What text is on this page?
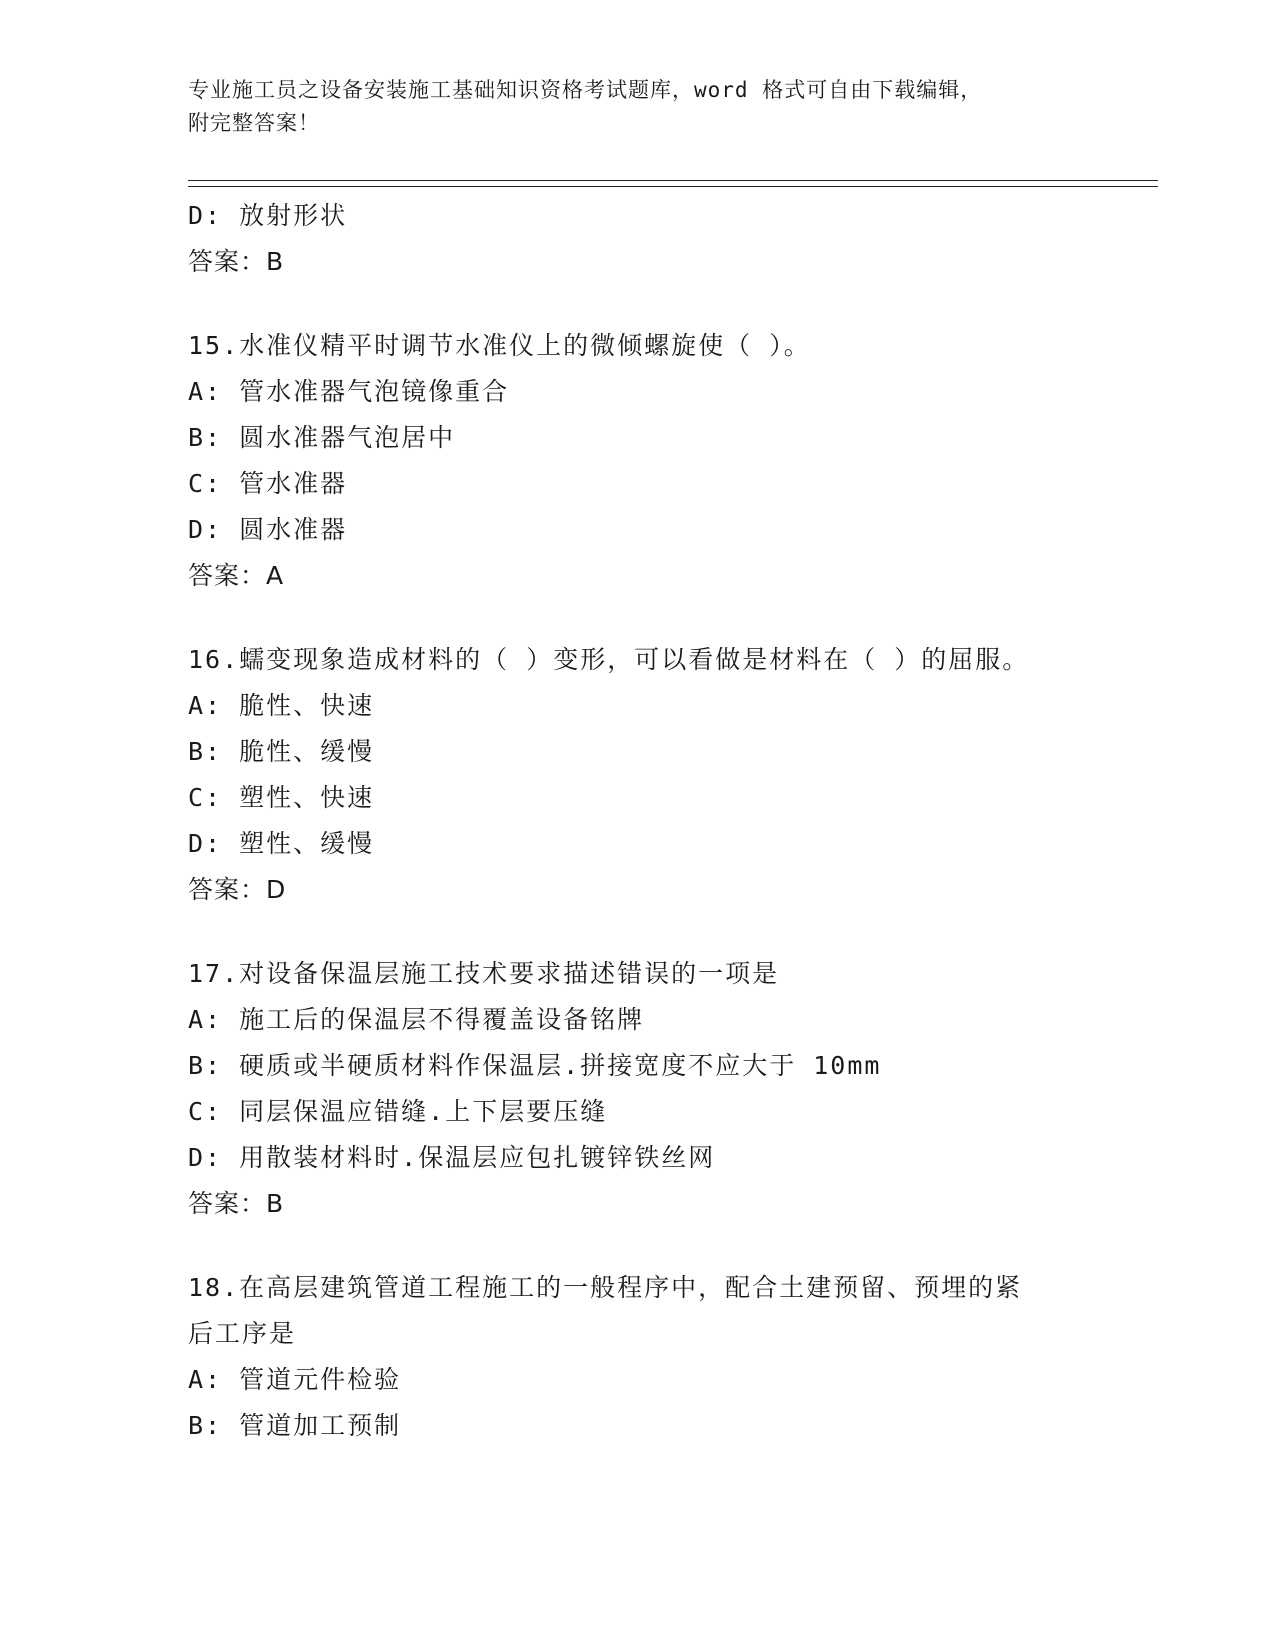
专业施工员之设备安装施工基础知识资格考试题库，word 格式可自由下载编辑，
附完整答案！
D: 放射形状
答案：B
15.水准仪精平时调节水准仪上的微倾螺旋使（ ）。
A: 管水准器气泡镜像重合
B: 圆水准器气泡居中
C: 管水准器
D: 圆水准器
答案：A
16.蠕变现象造成材料的（ ）变形，可以看做是材料在（ ）的屈服。
A: 脆性、快速
B: 脆性、缓慢
C: 塑性、快速
D: 塑性、缓慢
答案：D
17.对设备保温层施工技术要求描述错误的一项是
A: 施工后的保温层不得覆盖设备铭牌
B: 硬质或半硬质材料作保温层.拼接宽度不应大于 10mm
C: 同层保温应错缝.上下层要压缝
D: 用散装材料时.保温层应包扎镀锌铁丝网
答案：B
18.在高层建筑管道工程施工的一般程序中，配合土建预留、预埋的紧
后工序是
A: 管道元件检验
B: 管道加工预制
